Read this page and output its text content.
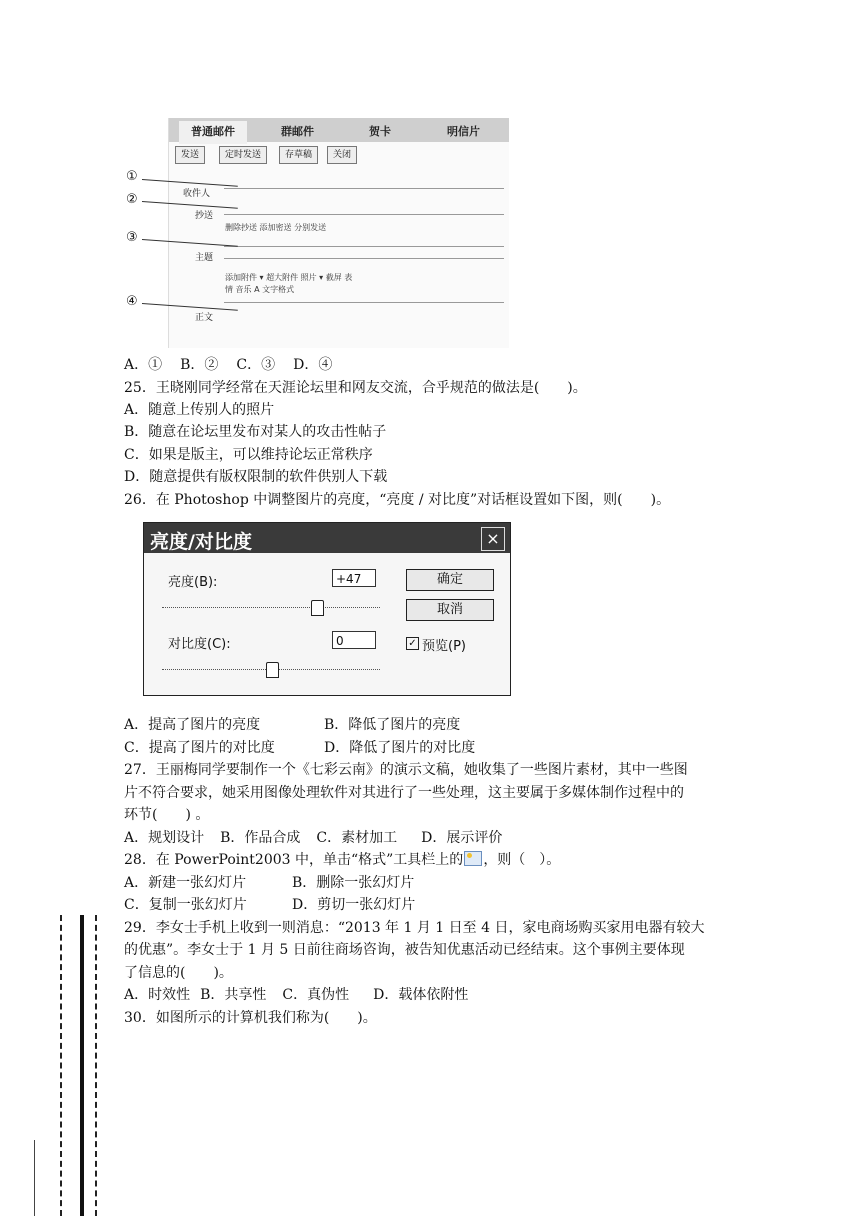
普通邮件	群邮件	贺卡	明信片
发送	定时发送	存草稿	关闭
收件人
抄送
删除抄送 添加密送 分别发送
主题
添加附件 ▾ 超大附件 照片 ▾ 截屏 表
情 音乐 A 文字格式
正文
①
②
③
④
A．① B．② C．③ D．④
25．王晓刚同学经常在天涯论坛里和网友交流，合乎规范的做法是(　　)。
A．随意上传别人的照片
B．随意在论坛里发布对某人的攻击性帖子
C．如果是版主，可以维持论坛正常秩序
D．随意提供有版权限制的软件供别人下载
26．在 Photoshop 中调整图片的亮度，“亮度 / 对比度”对话框设置如下图，则(　　)。
亮度/对比度	×
亮度(B):	+47	确定
取消
对比度(C):	0	✓ 预览(P)
A．提高了图片的亮度	B．降低了图片的亮度
C．提高了图片的对比度	D．降低了图片的对比度
27．王丽梅同学要制作一个《七彩云南》的演示文稿，她收集了一些图片素材，其中一些图
片不符合要求，她采用图像处理软件对其进行了一些处理，这主要属于多媒体制作过程中的
环节(　　) 。
A．规划设计 B．作品合成 C．素材加工 D．展示评价
28．在 PowerPoint2003 中，单击“格式”工具栏上的 ，则（　）。
A．新建一张幻灯片	B．删除一张幻灯片
C．复制一张幻灯片	D．剪切一张幻灯片
29．李女士手机上收到一则消息：“2013 年 1 月 1 日至 4 日，家电商场购买家用电器有较大
的优惠”。李女士于 1 月 5 日前往商场咨询，被告知优惠活动已经结束。这个事例主要体现
了信息的(　　)。
A．时效性 B．共享性 C．真伪性 D．载体依附性
30．如图所示的计算机我们称为(　　)。
